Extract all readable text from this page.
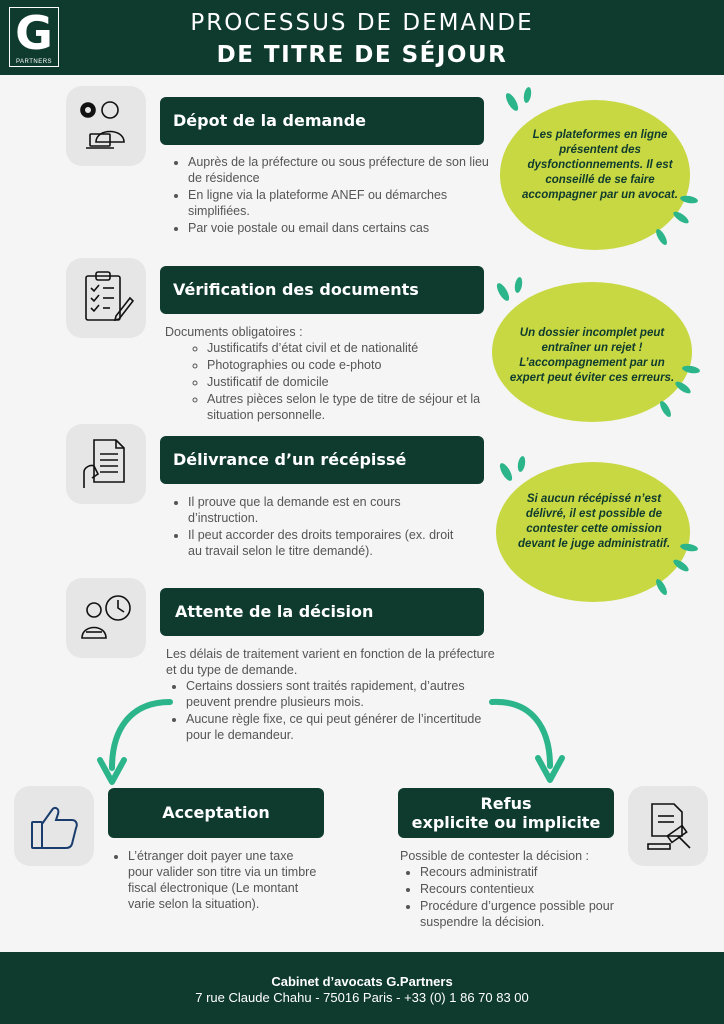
G
PARTNERS
PROCESSUS DE DEMANDE
DE TITRE DE SÉJOUR
Dépot de la demande
• Auprès de la préfecture ou sous préfecture de son lieu de résidence
• En ligne via la plateforme ANEF ou démarches simplifiées.
• Par voie postale ou email dans certains cas
Les plateformes en ligne présentent des dysfonctionnements. Il est conseillé de se faire accompagner par un avocat.
Vérification des documents

Documents obligatoires :

◦ Justificatifs d’état civil et de nationalité
◦ Photographies ou code e-photo
◦ Justificatif de domicile
◦ Autres pièces selon le type de titre de séjour et la situation personnelle.
Un dossier incomplet peut entraîner un rejet ! L’accompagnement par un expert peut éviter ces erreurs.
Délivrance d’un récépissé
• Il prouve que la demande est en cours d’instruction.
• Il peut accorder des droits temporaires (ex. droit au travail selon le titre demandé).
Si aucun récépissé n’est délivré, il est possible de contester cette omission devant le juge administratif.
Attente de la décision

Les délais de traitement varient en fonction de la préfecture et du type de demande.

• Certains dossiers sont traités rapidement, d’autres peuvent prendre plusieurs mois.
• Aucune règle fixe, ce qui peut générer de l’incertitude pour le demandeur.
Acceptation
• L’étranger doit payer une taxe pour valider son titre via un timbre fiscal électronique (Le montant varie selon la situation).
Refus
explicite ou implicite

Possible de contester la décision :

• Recours administratif
• Recours contentieux
• Procédure d’urgence possible pour suspendre la décision.
Cabinet d’avocats G.Partners
7 rue Claude Chahu - 75016 Paris - +33 (0) 1 86 70 83 00
